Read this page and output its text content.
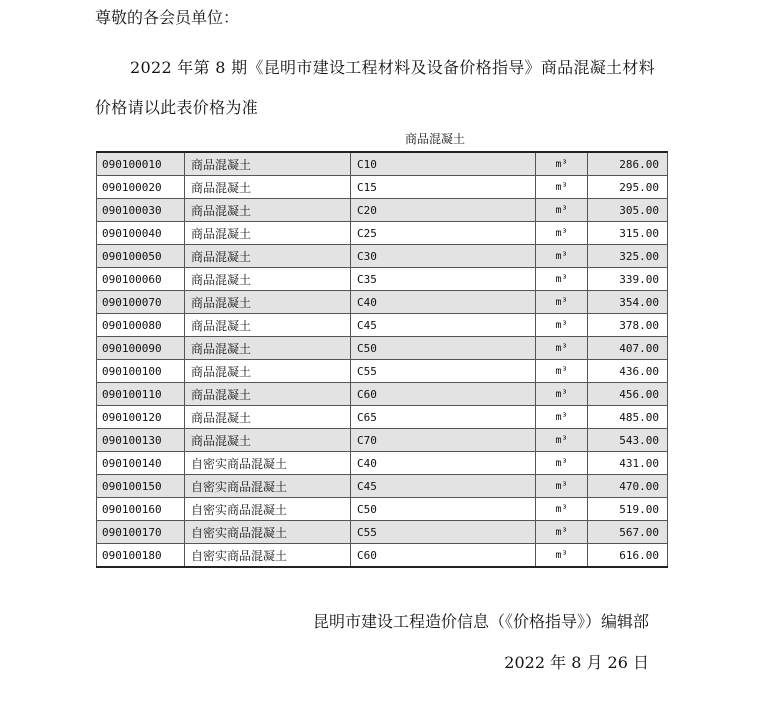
尊敬的各会员单位：
2022 年第 8 期《昆明市建设工程材料及设备价格指导》商品混凝土材料价格请以此表价格为准
商品混凝土
090100010	商品混凝土	C10	m³	286.00
090100020	商品混凝土	C15	m³	295.00
090100030	商品混凝土	C20	m³	305.00
090100040	商品混凝土	C25	m³	315.00
090100050	商品混凝土	C30	m³	325.00
090100060	商品混凝土	C35	m³	339.00
090100070	商品混凝土	C40	m³	354.00
090100080	商品混凝土	C45	m³	378.00
090100090	商品混凝土	C50	m³	407.00
090100100	商品混凝土	C55	m³	436.00
090100110	商品混凝土	C60	m³	456.00
090100120	商品混凝土	C65	m³	485.00
090100130	商品混凝土	C70	m³	543.00
090100140	自密实商品混凝土	C40	m³	431.00
090100150	自密实商品混凝土	C45	m³	470.00
090100160	自密实商品混凝土	C50	m³	519.00
090100170	自密实商品混凝土	C55	m³	567.00
090100180	自密实商品混凝土	C60	m³	616.00
昆明市建设工程造价信息（《价格指导》）编辑部
2022 年 8 月 26 日
